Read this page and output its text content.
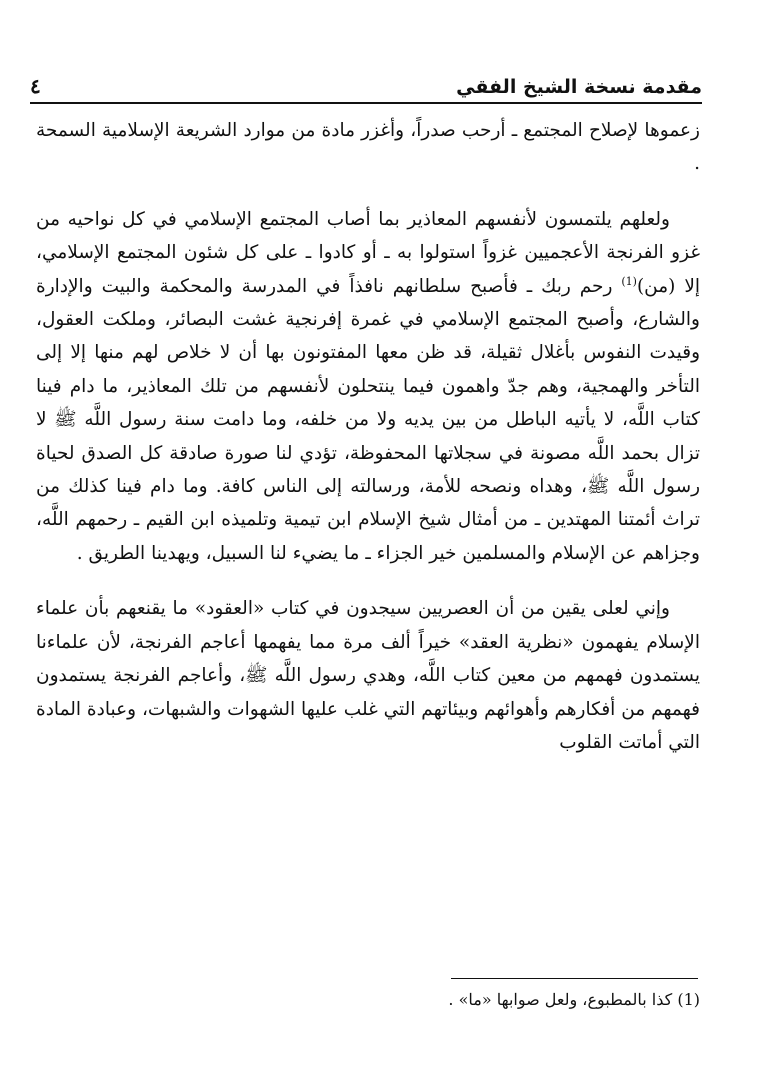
مقدمة نسخة الشيخ الفقي
٤

زعموها لإصلاح المجتمع ـ أرحب صدراً، وأغزر مادة من موارد الشريعة الإسلامية السمحة .

ولعلهم يلتمسون لأنفسهم المعاذير بما أصاب المجتمع الإسلامي في كل نواحيه من غزو الفرنجة الأعجميين غزواً استولوا به ـ أو كادوا ـ على كل شئون المجتمع الإسلامي، إلا (من)$^{(1)}$ رحم ربك ـ فأصبح سلطانهم نافذاً في المدرسة والمحكمة والبيت والإدارة والشارع، وأصبح المجتمع الإسلامي في غمرة إفرنجية غشت البصائر، وملكت العقول، وقيدت النفوس بأغلال ثقيلة، قد ظن معها المفتونون بها أن لا خلاص لهم منها إلا إلى التأخر والهمجية، وهم جدّ واهمون فيما ينتحلون لأنفسهم من تلك المعاذير، ما دام فينا كتاب اللَّه، لا يأتيه الباطل من بين يديه ولا من خلفه، وما دامت سنة رسول اللَّه ﷺ لا تزال بحمد اللَّه مصونة في سجلاتها المحفوظة، تؤدي لنا صورة صادقة كل الصدق لحياة رسول اللَّه ﷺ، وهداه ونصحه للأمة، ورسالته إلى الناس كافة. وما دام فينا كذلك من تراث أئمتنا المهتدين ـ من أمثال شيخ الإسلام ابن تيمية وتلميذه ابن القيم ـ رحمهم اللَّه، وجزاهم عن الإسلام والمسلمين خير الجزاء ـ ما يضيء لنا السبيل، ويهدينا الطريق .

وإني لعلى يقين من أن العصريين سيجدون في كتاب «العقود» ما يقنعهم بأن علماء الإسلام يفهمون «نظرية العقد» خيراً ألف مرة مما يفهمها أعاجم الفرنجة، لأن علماءنا يستمدون فهمهم من معين كتاب اللَّه، وهدي رسول اللَّه ﷺ، وأعاجم الفرنجة يستمدون فهمهم من أفكارهم وأهوائهم وبيئاتهم التي غلب عليها الشهوات والشبهات، وعبادة المادة التي أماتت القلوب

(1) كذا بالمطبوع، ولعل صوابها «ما» .
